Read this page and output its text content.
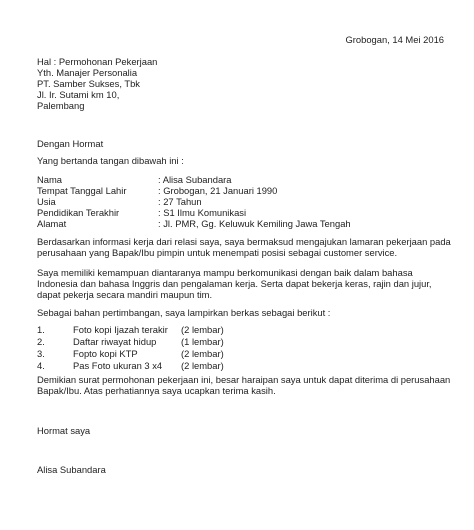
Grobogan, 14 Mei 2016
Hal : Permohonan Pekerjaan
Yth. Manajer Personalia
PT. Samber Sukses, Tbk
Jl. Ir. Sutami km 10,
Palembang
Dengan Hormat
Yang bertanda tangan dibawah ini :
Nama	: Alisa Subandara
Tempat Tanggal Lahir	: Grobogan, 21 Januari 1990
Usia	: 27 Tahun
Pendidikan Terakhir	: S1 Ilmu Komunikasi
Alamat	: Jl. PMR, Gg. Keluwuk Kemiling Jawa Tengah
Berdasarkan informasi kerja dari relasi saya, saya bermaksud mengajukan lamaran pekerjaan pada
perusahaan yang Bapak/Ibu pimpin untuk menempati posisi sebagai customer service.
Saya memiliki kemampuan diantaranya mampu berkomunikasi dengan baik dalam bahasa
Indonesia dan bahasa Inggris dan pengalaman kerja. Serta dapat bekerja keras, rajin dan jujur,
dapat pekerja secara mandiri maupun tim.
Sebagai bahan pertimbangan, saya lampirkan berkas sebagai berikut :
1.	Foto kopi Ijazah terakir (2 lembar)
2.	Daftar riwayat hidup	(1 lembar)
3.	Fopto kopi KTP	(2 lembar)
4.	Pas Foto ukuran 3 x4 (2 lembar)
Demikian surat permohonan pekerjaan ini, besar haraipan saya untuk dapat diterima di perusahaan
Bapak/Ibu. Atas perhatiannya saya ucapkan terima kasih.
Hormat saya
Alisa Subandara
